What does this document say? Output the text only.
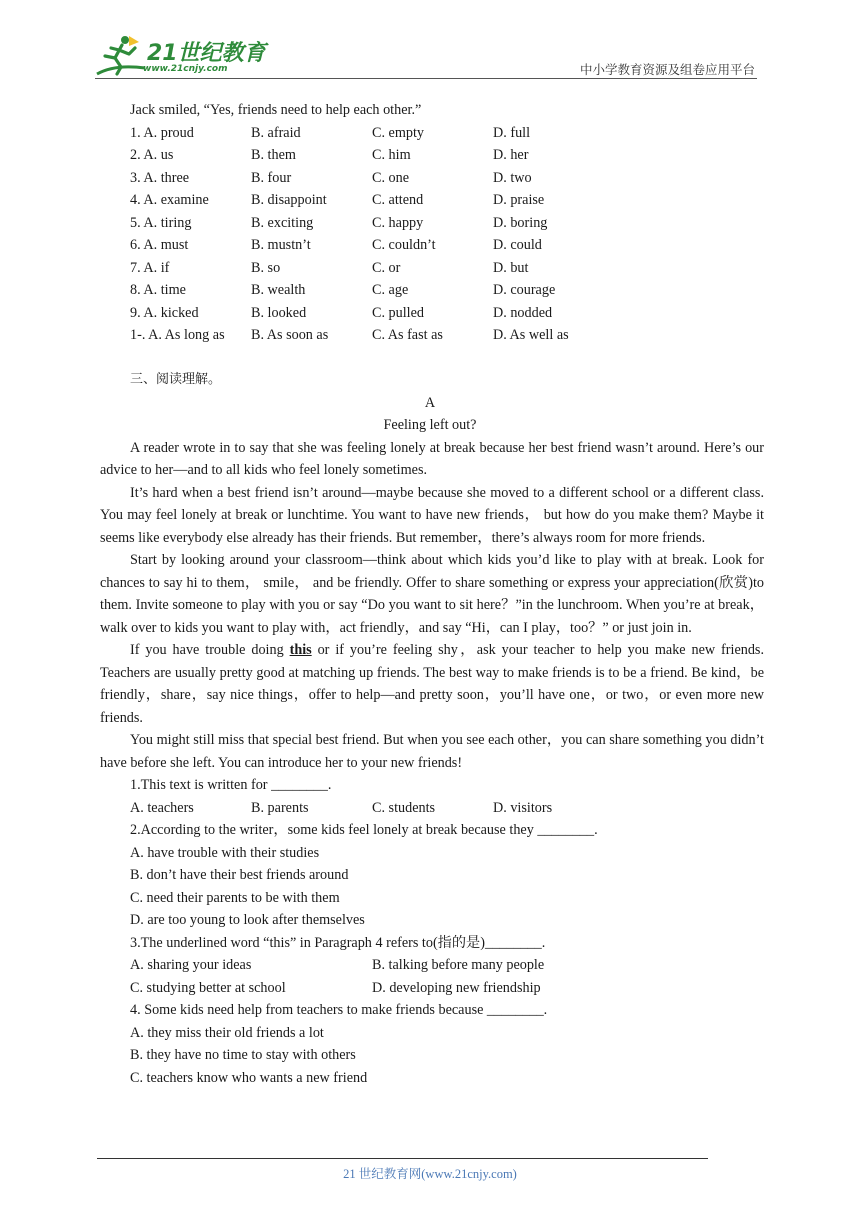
21世纪教育
www.21cnjy.com	中小学教育资源及组卷应用平台
Jack smiled, “Yes, friends need to help each other.”
1. A. proud	B. afraid	C. empty	D. full
2. A. us	B. them	C. him	D. her
3. A. three	B. four	C. one	D. two
4. A. examine	B. disappoint	C. attend	D. praise
5. A. tiring	B. exciting	C. happy	D. boring
6. A. must	B. mustn’t	C. couldn’t	D. could
7. A. if	B. so	C. or	D. but
8. A. time	B. wealth	C. age	D. courage
9. A. kicked	B. looked	C. pulled	D. nodded
1-. A. As long as	B. As soon as	C. As fast as	D. As well as
三、阅读理解。
A
Feeling left out?

A reader wrote in to say that she was feeling lonely at break because her best friend wasn’t around. Here’s our advice to her—and to all kids who feel lonely sometimes.

It’s hard when a best friend isn’t around—maybe because she moved to a different school or a different class. You may feel lonely at break or lunchtime. You want to have new friends， but how do you make them? Maybe it seems like everybody else already has their friends. But remember，there’s always room for more friends.

Start by looking around your classroom—think about which kids you’d like to play with at break. Look for chances to say hi to them， smile， and be friendly. Offer to share something or express your appreciation(欣赏)to them. Invite someone to play with you or say “Do you want to sit here？”in the lunchroom. When you’re at break，walk over to kids you want to play with，act friendly，and say “Hi，can I play，too？” or just join in.

If you have trouble doing this or if you’re feeling shy，ask your teacher to help you make new friends. Teachers are usually pretty good at matching up friends. The best way to make friends is to be a friend. Be kind，be friendly，share，say nice things，offer to help—and pretty soon，you’ll have one，or two，or even more new friends.

You might still miss that special best friend. But when you see each other，you can share something you didn’t have before she left. You can introduce her to your new friends!

1.This text is written for ________.
A. teachers	B. parents	C. students	D. visitors
2.According to the writer，some kids feel lonely at break because they ________.
A. have trouble with their studies
B. don’t have their best friends around
C. need their parents to be with them
D. are too young to look after themselves
3.The underlined word “this” in Paragraph 4 refers to(指的是)________.
A. sharing your ideas	B. talking before many people
C. studying better at school	D. developing new friendship
4. Some kids need help from teachers to make friends because ________.
A. they miss their old friends a lot
B. they have no time to stay with others
C. teachers know who wants a new friend
21 世纪教育网(www.21cnjy.com)
